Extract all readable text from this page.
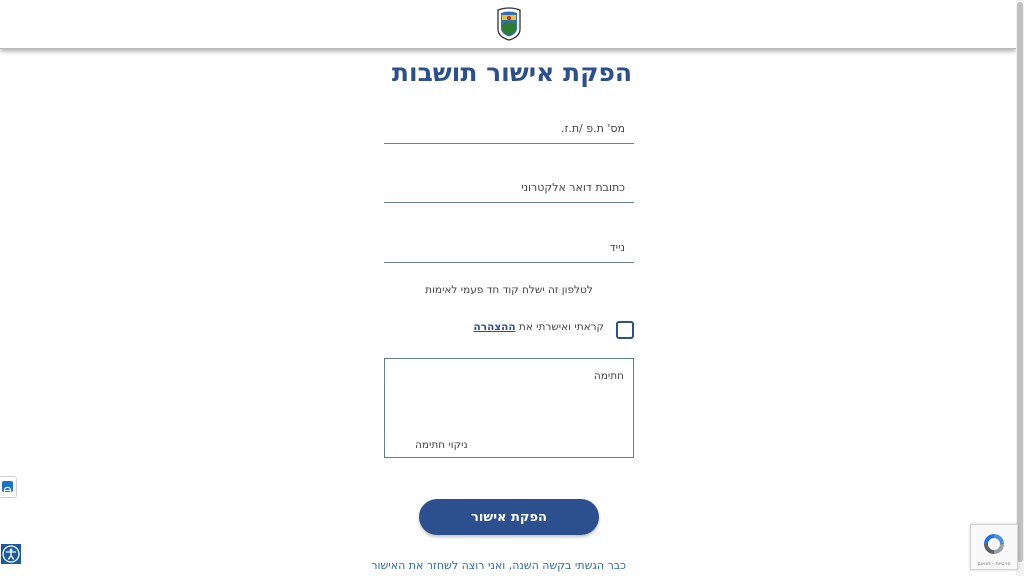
הפקת אישור תושבות
מס' ת.פ /ת.ז.
כתובת דואר אלקטרוני
נייד
לטלפון זה ישלח קוד חד פעמי לאימות
קראתי ואישרתי את ההצהרה
חתימה
ניקוי חתימה
הפקת אישור
כבר הגשתי בקשה השנה, ואני רוצה לשחזר את האישור	פרטיות - תנאים
